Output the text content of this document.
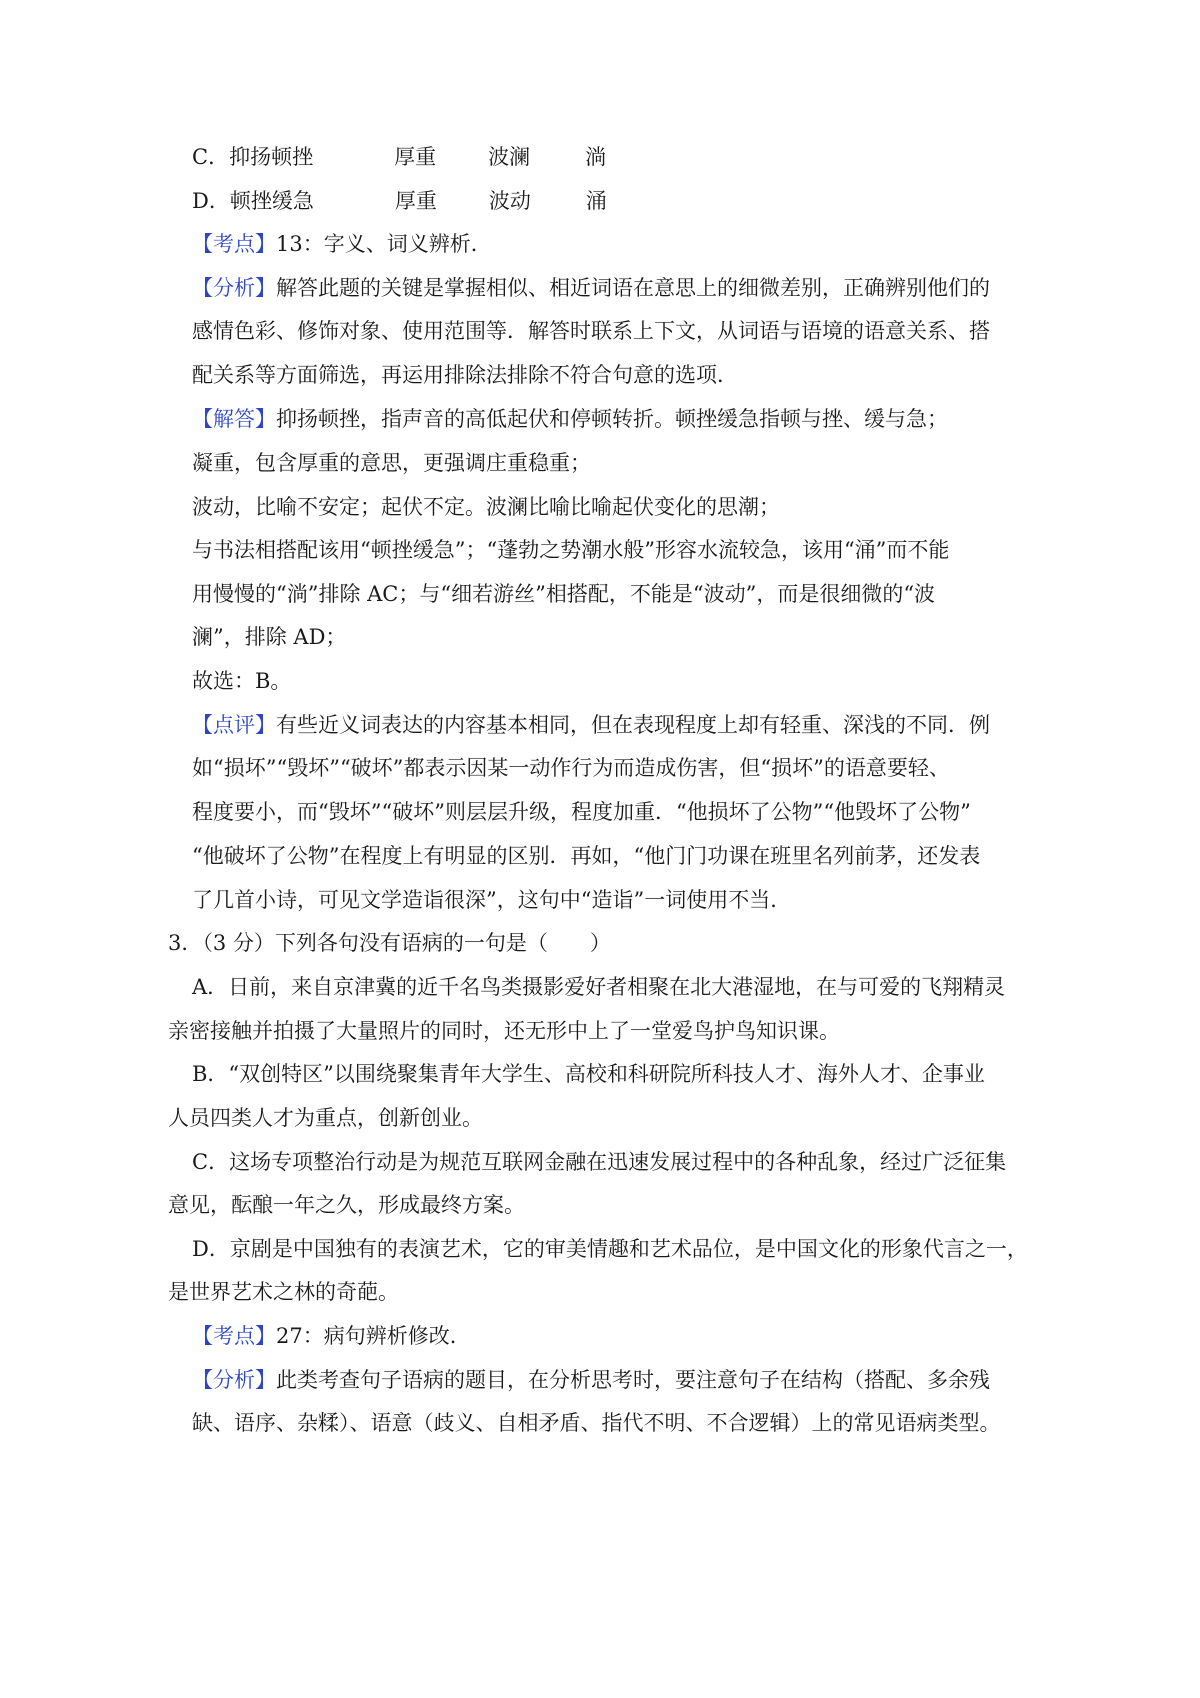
C．抑扬顿挫	厚重 波澜	淌
D．顿挫缓急	厚重 波动	涌
【考点】13：字义、词义辨析．
【分析】解答此题的关键是掌握相似、相近词语在意思上的细微差别，正确辨别他们的
感情色彩、修饰对象、使用范围等．解答时联系上下文，从词语与语境的语意关系、搭
配关系等方面筛选，再运用排除法排除不符合句意的选项．
【解答】抑扬顿挫，指声音的高低起伏和停顿转折。顿挫缓急指顿与挫、缓与急；
凝重，包含厚重的意思，更强调庄重稳重；
波动，比喻不安定；起伏不定。波澜比喻比喻起伏变化的思潮；
与书法相搭配该用“顿挫缓急”；“蓬勃之势潮水般”形容水流较急，该用“涌”而不能
用慢慢的“淌”排除 AC；与“细若游丝”相搭配，不能是“波动”，而是很细微的“波
澜”，排除 AD；
故选：B。
【点评】有些近义词表达的内容基本相同，但在表现程度上却有轻重、深浅的不同．例
如“损坏”“毁坏”“破坏”都表示因某一动作行为而造成伤害，但“损坏”的语意要轻、
程度要小，而“毁坏”“破坏”则层层升级，程度加重．“他损坏了公物”“他毁坏了公物”
“他破坏了公物”在程度上有明显的区别．再如，“他门门功课在班里名列前茅，还发表
了几首小诗，可见文学造诣很深”，这句中“造诣”一词使用不当．
3．（3 分）下列各句没有语病的一句是（　　）
A．日前，来自京津冀的近千名鸟类摄影爱好者相聚在北大港湿地，在与可爱的飞翔精灵
亲密接触并拍摄了大量照片的同时，还无形中上了一堂爱鸟护鸟知识课。
B．“双创特区”以围绕聚集青年大学生、高校和科研院所科技人才、海外人才、企事业
人员四类人才为重点，创新创业。
C．这场专项整治行动是为规范互联网金融在迅速发展过程中的各种乱象，经过广泛征集
意见，酝酿一年之久，形成最终方案。
D．京剧是中国独有的表演艺术，它的审美情趣和艺术品位，是中国文化的形象代言之一，
是世界艺术之林的奇葩。
【考点】27：病句辨析修改．
【分析】此类考查句子语病的题目，在分析思考时，要注意句子在结构（搭配、多余残
缺、语序、杂糅）、语意（歧义、自相矛盾、指代不明、不合逻辑）上的常见语病类型。
